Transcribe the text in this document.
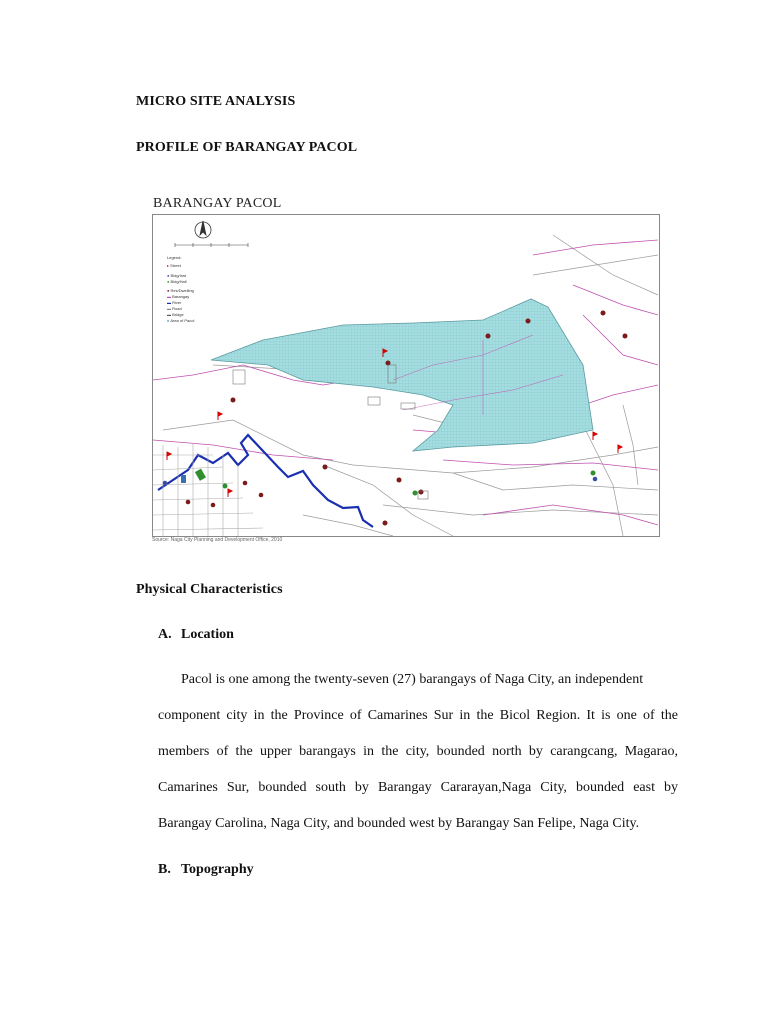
MICRO SITE ANALYSIS
PROFILE OF BARANGAY PACOL
BARANGAY PACOL
Legend:
▸ Street
● Bldg/Inst
● Bldg/Hall
● Res/Dwelling
▬ Barangay
▬ River
▬ Road
▬ Bridge
■ Area of Pacol
Source: Naga City Planning and Development Office, 2010
Physical Characteristics
A. Location
Pacol is one among the twenty-seven (27) barangays of Naga City, an independent
component city in the Province of Camarines Sur in the Bicol Region. It is one of the
members of the upper barangays in the city, bounded north by carangcang, Magarao,
Camarines Sur, bounded south by Barangay Cararayan,Naga City, bounded east by
Barangay Carolina, Naga City, and bounded west by Barangay San Felipe, Naga City.
B. Topography
